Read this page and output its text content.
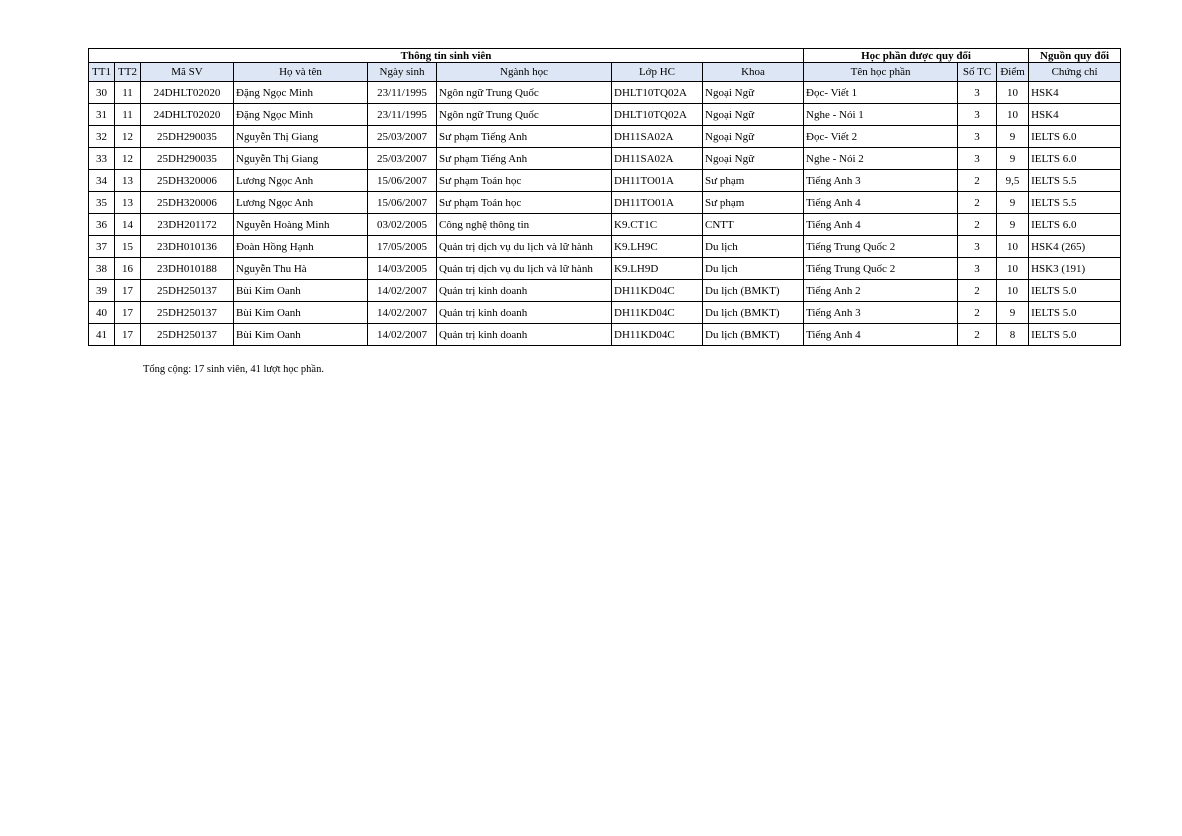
Thông tin sinh viên								Học phần được quy đổi			Nguồn quy đổi
TT1	TT2	Mã SV	Họ và tên	Ngày sinh	Ngành học	Lớp HC	Khoa	Tên học phần	Số TC	Điểm	Chứng chỉ
30	11	24DHLT02020	Đặng Ngọc Minh	23/11/1995	Ngôn ngữ Trung Quốc	DHLT10TQ02A	Ngoại Ngữ	Đọc- Viết 1	3	10	HSK4
31	11	24DHLT02020	Đặng Ngọc Minh	23/11/1995	Ngôn ngữ Trung Quốc	DHLT10TQ02A	Ngoại Ngữ	Nghe - Nói 1	3	10	HSK4
32	12	25DH290035	Nguyễn Thị Giang	25/03/2007	Sư phạm Tiếng Anh	DH11SA02A	Ngoại Ngữ	Đọc- Viết 2	3	9	IELTS 6.0
33	12	25DH290035	Nguyễn Thị Giang	25/03/2007	Sư phạm Tiếng Anh	DH11SA02A	Ngoại Ngữ	Nghe - Nói 2	3	9	IELTS 6.0
34	13	25DH320006	Lương Ngọc Anh	15/06/2007	Sư phạm Toán học	DH11TO01A	Sư phạm	Tiếng Anh 3	2	9,5	IELTS 5.5
35	13	25DH320006	Lương Ngọc Anh	15/06/2007	Sư phạm Toán học	DH11TO01A	Sư phạm	Tiếng Anh 4	2	9	IELTS 5.5
36	14	23DH201172	Nguyễn Hoàng Minh	03/02/2005	Công nghệ thông tin	K9.CT1C	CNTT	Tiếng Anh 4	2	9	IELTS 6.0
37	15	23DH010136	Đoàn Hồng Hạnh	17/05/2005	Quản trị dịch vụ du lịch và lữ hành	K9.LH9C	Du lịch	Tiếng Trung Quốc 2	3	10	HSK4 (265)
38	16	23DH010188	Nguyễn Thu Hà	14/03/2005	Quản trị dịch vụ du lịch và lữ hành	K9.LH9D	Du lịch	Tiếng Trung Quốc 2	3	10	HSK3 (191)
39	17	25DH250137	Bùi Kim Oanh	14/02/2007	Quản trị kinh doanh	DH11KD04C	Du lịch (BMKT)	Tiếng Anh 2	2	10	IELTS 5.0
40	17	25DH250137	Bùi Kim Oanh	14/02/2007	Quản trị kinh doanh	DH11KD04C	Du lịch (BMKT)	Tiếng Anh 3	2	9	IELTS 5.0
41	17	25DH250137	Bùi Kim Oanh	14/02/2007	Quản trị kinh doanh	DH11KD04C	Du lịch (BMKT)	Tiếng Anh 4	2	8	IELTS 5.0
Tổng cộng: 17 sinh viên, 41 lượt học phần.
